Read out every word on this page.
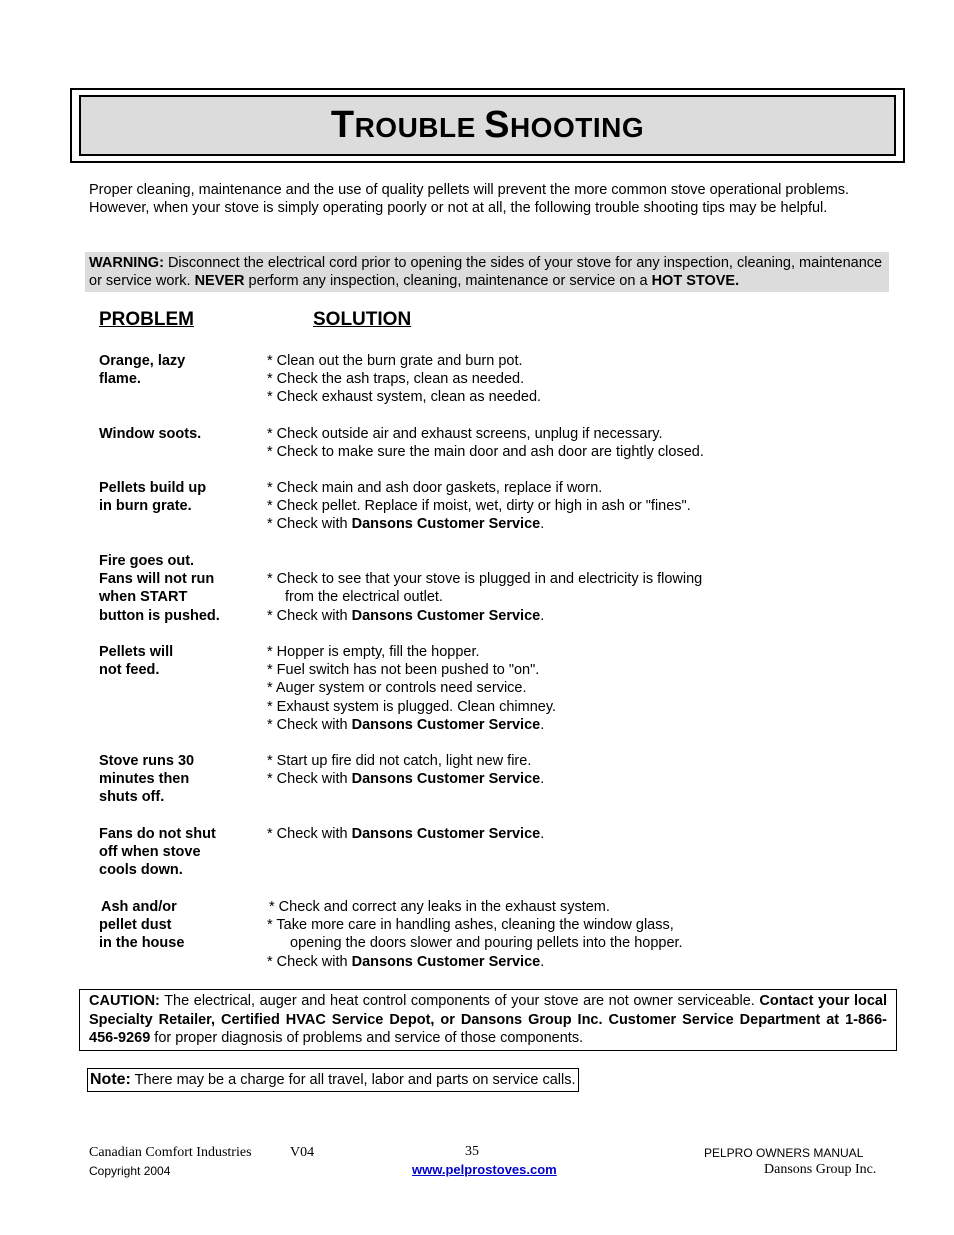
TROUBLE SHOOTING
Proper cleaning, maintenance and the use of quality pellets will prevent the more common stove operational problems. However, when your stove is simply operating poorly or not at all, the following trouble shooting tips may be helpful.
WARNING: Disconnect the electrical cord prior to opening the sides of your stove for any inspection, cleaning, maintenance or service work. NEVER perform any inspection, cleaning, maintenance or service on a HOT STOVE.
PROBLEM	SOLUTION
Orange, lazy
flame.
* Clean out the burn grate and burn pot.
* Check the ash traps, clean as needed.
* Check exhaust system, clean as needed.
Window soots.	* Check outside air and exhaust screens, unplug if necessary.
* Check to make sure the main door and ash door are tightly closed.
Pellets build up
in burn grate.
* Check main and ash door gaskets, replace if worn.
* Check pellet. Replace if moist, wet, dirty or high in ash or "fines".
* Check with Dansons Customer Service.
Fire goes out.
Fans will not run
when START
button is pushed.
* Check to see that your stove is plugged in and electricity is flowing
from the electrical outlet.
* Check with Dansons Customer Service.
Pellets will
not feed.
* Hopper is empty, fill the hopper.
* Fuel switch has not been pushed to "on".
* Auger system or controls need service.
* Exhaust system is plugged. Clean chimney.
* Check with Dansons Customer Service.
Stove runs 30
minutes then
shuts off.
* Start up fire did not catch, light new fire.
* Check with Dansons Customer Service.
Fans do not shut
off when stove
cools down.
* Check with Dansons Customer Service.
Ash and/or
pellet dust
in the house
* Check and correct any leaks in the exhaust system.
* Take more care in handling ashes, cleaning the window glass,
opening the doors slower and pouring pellets into the hopper.
* Check with Dansons Customer Service.
CAUTION: The electrical, auger and heat control components of your stove are not owner serviceable. Contact your local Specialty Retailer, Certified HVAC Service Depot, or Dansons Group Inc. Customer Service Department at 1-866-456-9269 for proper diagnosis of problems and service of those components.
Note: There may be a charge for all travel, labor and parts on service calls.
Canadian Comfort Industries	V04	35	PELPRO OWNERS MANUAL
Copyright 2004	www.pelprostoves.com	Dansons Group Inc.
